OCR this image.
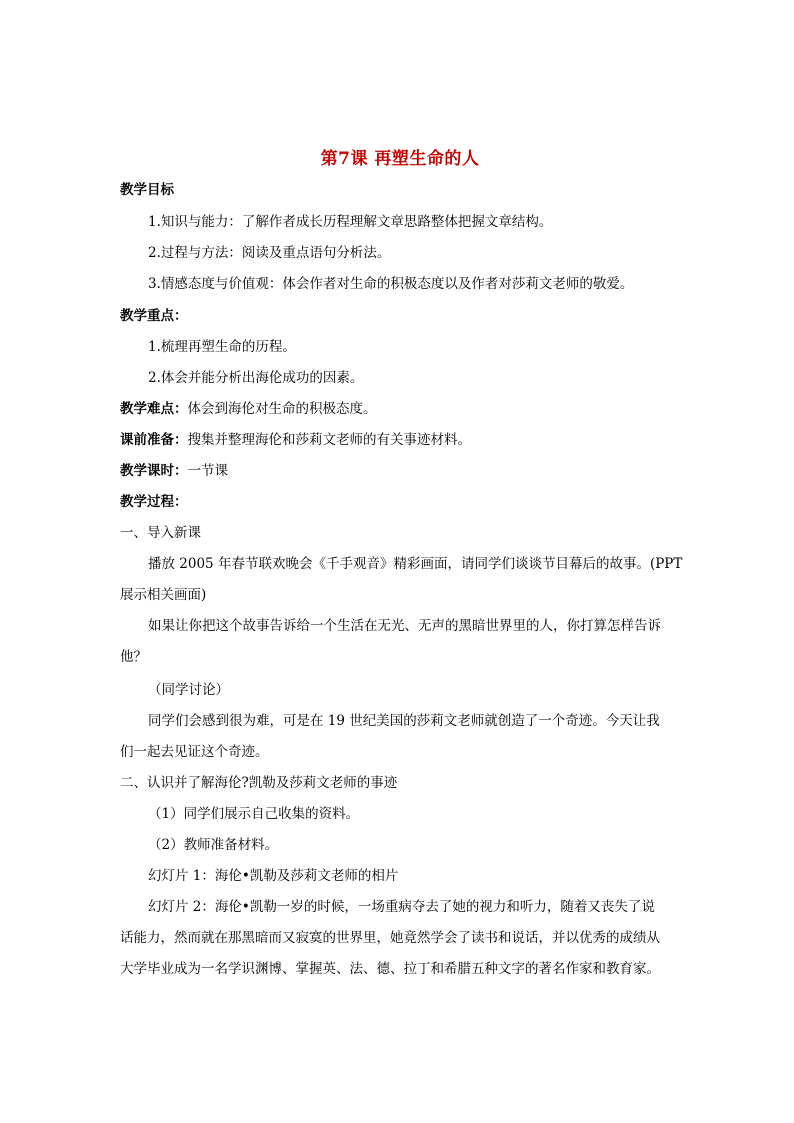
第7课 再塑生命的人
教学目标
1.知识与能力：了解作者成长历程理解文章思路整体把握文章结构。
2.过程与方法：阅读及重点语句分析法。
3.情感态度与价值观：体会作者对生命的积极态度以及作者对莎莉文老师的敬爱。
教学重点：
1.梳理再塑生命的历程。
2.体会并能分析出海伦成功的因素。
教学难点：体会到海伦对生命的积极态度。
课前准备：搜集并整理海伦和莎莉文老师的有关事迹材料。
教学课时：一节课
教学过程：
一、导入新课
播放 2005 年春节联欢晚会《千手观音》精彩画面，请同学们谈谈节目幕后的故事。(PPT
展示相关画面)
如果让你把这个故事告诉给一个生活在无光、无声的黑暗世界里的人，你打算怎样告诉
他？
（同学讨论）
同学们会感到很为难，可是在 19 世纪美国的莎莉文老师就创造了一个奇迹。今天让我
们一起去见证这个奇迹。
二、认识并了解海伦?凯勒及莎莉文老师的事迹
（1）同学们展示自己收集的资料。
（2）教师准备材料。
幻灯片 1：海伦•凯勒及莎莉文老师的相片
幻灯片 2：海伦•凯勒一岁的时候，一场重病夺去了她的视力和听力，随着又丧失了说
话能力，然而就在那黑暗而又寂寞的世界里，她竟然学会了读书和说话，并以优秀的成绩从
大学毕业成为一名学识渊博、掌握英、法、德、拉丁和希腊五种文字的著名作家和教育家。
